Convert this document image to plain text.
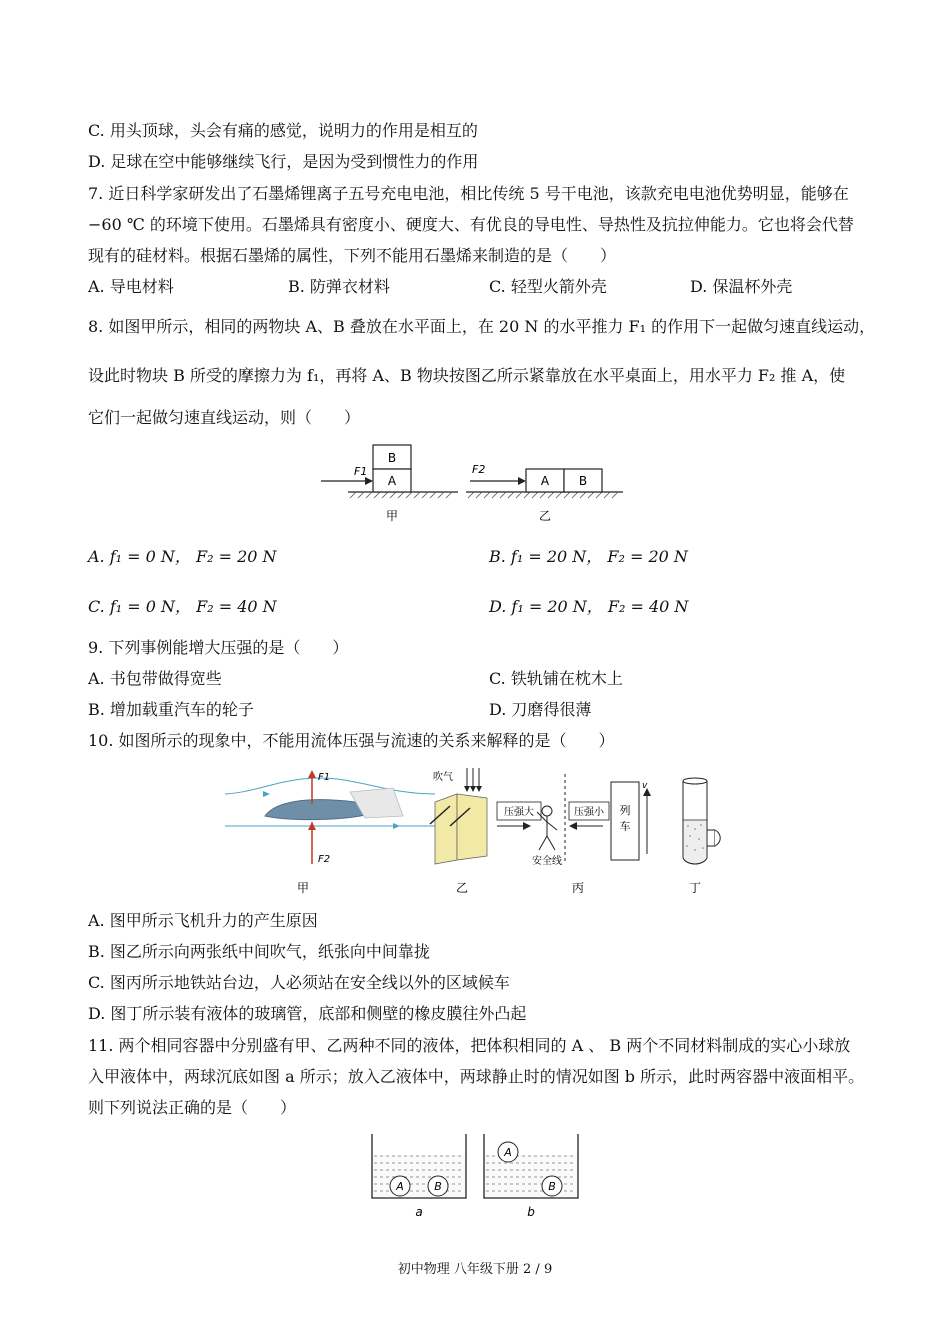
C. 用头顶球，头会有痛的感觉，说明力的作用是相互的
D. 足球在空中能够继续飞行，是因为受到惯性力的作用
7. 近日科学家研发出了石墨烯锂离子五号充电电池，相比传统 5 号干电池，该款充电电池优势明显，能够在
−60 ℃ 的环境下使用。石墨烯具有密度小、硬度大、有优良的导电性、导热性及抗拉伸能力。它也将会代替
现有的硅材料。根据石墨烯的属性，下列不能用石墨烯来制造的是（　　）
A. 导电材料	B. 防弹衣材料	C. 轻型火箭外壳	D. 保温杯外壳
8. 如图甲所示，相同的两物块 A、B 叠放在水平面上，在 20 N 的水平推力 F₁ 的作用下一起做匀速直线运动，
设此时物块 B 所受的摩擦力为 f₁，再将 A、B 物块按图乙所示紧靠放在水平桌面上，用水平力 F₂ 推 A，使
它们一起做匀速直线运动，则（　　）
B
A
F1
甲
A B
F2
乙
A. f₁ = 0 N， F₂ = 20 N	B. f₁ = 20 N， F₂ = 20 N
C. f₁ = 0 N， F₂ = 40 N	D. f₁ = 20 N， F₂ = 40 N
9. 下列事例能增大压强的是（　　）
A. 书包带做得宽些	C. 铁轨铺在枕木上
B. 增加载重汽车的轮子	D. 刀磨得很薄
10. 如图所示的现象中，不能用流体压强与流速的关系来解释的是（　　）
F1
F2
甲
吹气
乙
压强大
安全线
压强小 列
车
v
丙	丁
A. 图甲所示飞机升力的产生原因
B. 图乙所示向两张纸中间吹气，纸张向中间靠拢
C. 图丙所示地铁站台边，人必须站在安全线以外的区域候车
D. 图丁所示装有液体的玻璃管，底部和侧壁的橡皮膜往外凸起
11. 两个相同容器中分别盛有甲、乙两种不同的液体，把体积相同的 A 、 B 两个不同材料制成的实心小球放
入甲液体中，两球沉底如图 a 所示；放入乙液体中，两球静止时的情况如图 b 所示，此时两容器中液面相平。
则下列说法正确的是（　　）
A	B
a
A
B
b
初中物理 八年级下册 2 / 9
